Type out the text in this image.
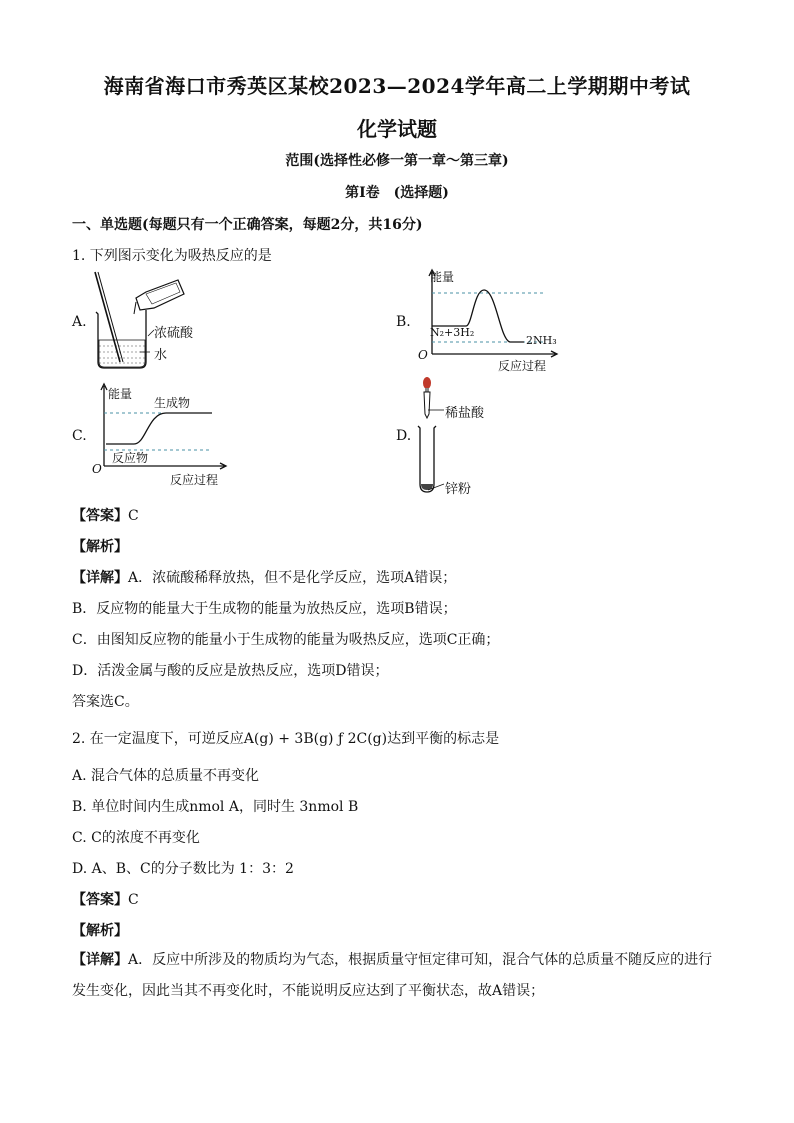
海南省海口市秀英区某校2023—2024学年高二上学期期中考试
化学试题
范围(选择性必修一第一章～第三章)
第Ⅰ卷　(选择题)
一、单选题(每题只有一个正确答案，每题2分，共16分)
1. 下列图示变化为吸热反应的是
A.
浓硫酸
水
B.
能量
N₂+3H₂
2NH₃
O
反应过程
C.
能量
生成物
反应物
O
反应过程
D.
稀盐酸
锌粉
【答案】C
【解析】
【详解】A．浓硫酸稀释放热，但不是化学反应，选项A错误；
B．反应物的能量大于生成物的能量为放热反应，选项B错误；
C．由图知反应物的能量小于生成物的能量为吸热反应，选项C正确；
D．活泼金属与酸的反应是放热反应，选项D错误；
答案选C。
2. 在一定温度下，可逆反应A(g) + 3B(g) ƒ 2C(g)达到平衡的标志是
A. 混合气体的总质量不再变化
B. 单位时间内生成nmol A，同时生 3nmol B
C. C的浓度不再变化
D. A、B、C的分子数比为 1：3：2
【答案】C
【解析】
【详解】A．反应中所涉及的物质均为气态，根据质量守恒定律可知，混合气体的总质量不随反应的进行发生变化，因此当其不再变化时，不能说明反应达到了平衡状态，故A错误；
